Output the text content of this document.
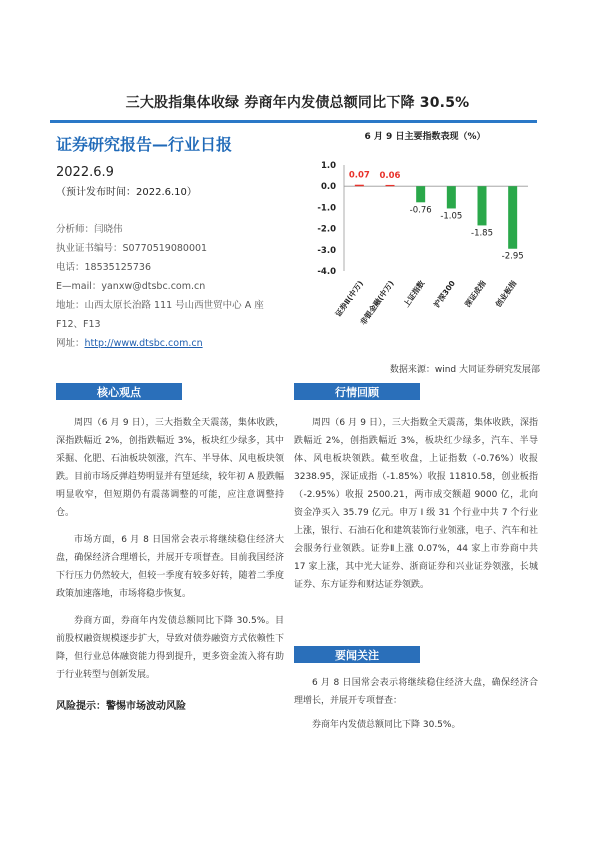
三大股指集体收绿 券商年内发债总额同比下降 30.5%
证券研究报告—行业日报
2022.6.9
（预计发布时间：2022.6.10）
分析师：闫晓伟
执业证书编号：S0770519080001
电话：18535125736
E—mail：yanxw@dtsbc.com.cn
地址：山西太原长治路 111 号山西世贸中心 A 座
F12、F13
网址：http://www.dtsbc.com.cn
6 月 9 日主要指数表现（%）
0.07 0.06
-0.76
-1.05
-1.85
-2.95
1.0
0.0
-1.0
-2.0
-3.0
-4.0
证券Ⅱ(中万)
非银金融(中万) 上证指数 沪深300 深证成指 创业板指
数据来源：wind 大同证券研究发展部
核心观点
周四（6 月 9 日），三大指数全天震荡，集体收跌，深指跌幅近 2%，创指跌幅近 3%，板块红少绿多，其中采掘、化肥、石油板块领涨，汽车、半导体、风电板块领跌。目前市场反弹趋势明显并有望延续，较年初 A 股跌幅明显收窄，但短期仍有震荡调整的可能，应注意调整持仓。
市场方面，6 月 8 日国常会表示将继续稳住经济大盘，确保经济合理增长，并展开专项督查。目前我国经济下行压力仍然较大，但较一季度有较多好转，随着二季度政策加速落地，市场将稳步恢复。
券商方面，券商年内发债总额同比下降 30.5%。目前股权融资规模逐步扩大，导致对债券融资方式依赖性下降，但行业总体融资能力得到提升，更多资金流入将有助于行业转型与创新发展。
风险提示：警惕市场波动风险
行情回顾
周四（6 月 9 日），三大指数全天震荡，集体收跌，深指跌幅近 2%，创指跌幅近 3%，板块红少绿多，汽车、半导体、风电板块领跌。截至收盘，上证指数（-0.76%）收报 3238.95，深证成指（-1.85%）收报 11810.58，创业板指（-2.95%）收报 2500.21，两市成交额超 9000 亿，北向资金净买入 35.79 亿元。申万 I 级 31 个行业中共 7 个行业上涨，银行、石油石化和建筑装饰行业领涨，电子、汽车和社会服务行业领跌。证券Ⅱ上涨 0.07%，44 家上市券商中共 17 家上涨，其中光大证券、浙商证券和兴业证券领涨，长城证券、东方证券和财达证券领跌。
要闻关注
6 月 8 日国常会表示将继续稳住经济大盘，确保经济合理增长，并展开专项督查：
券商年内发债总额同比下降 30.5%。
